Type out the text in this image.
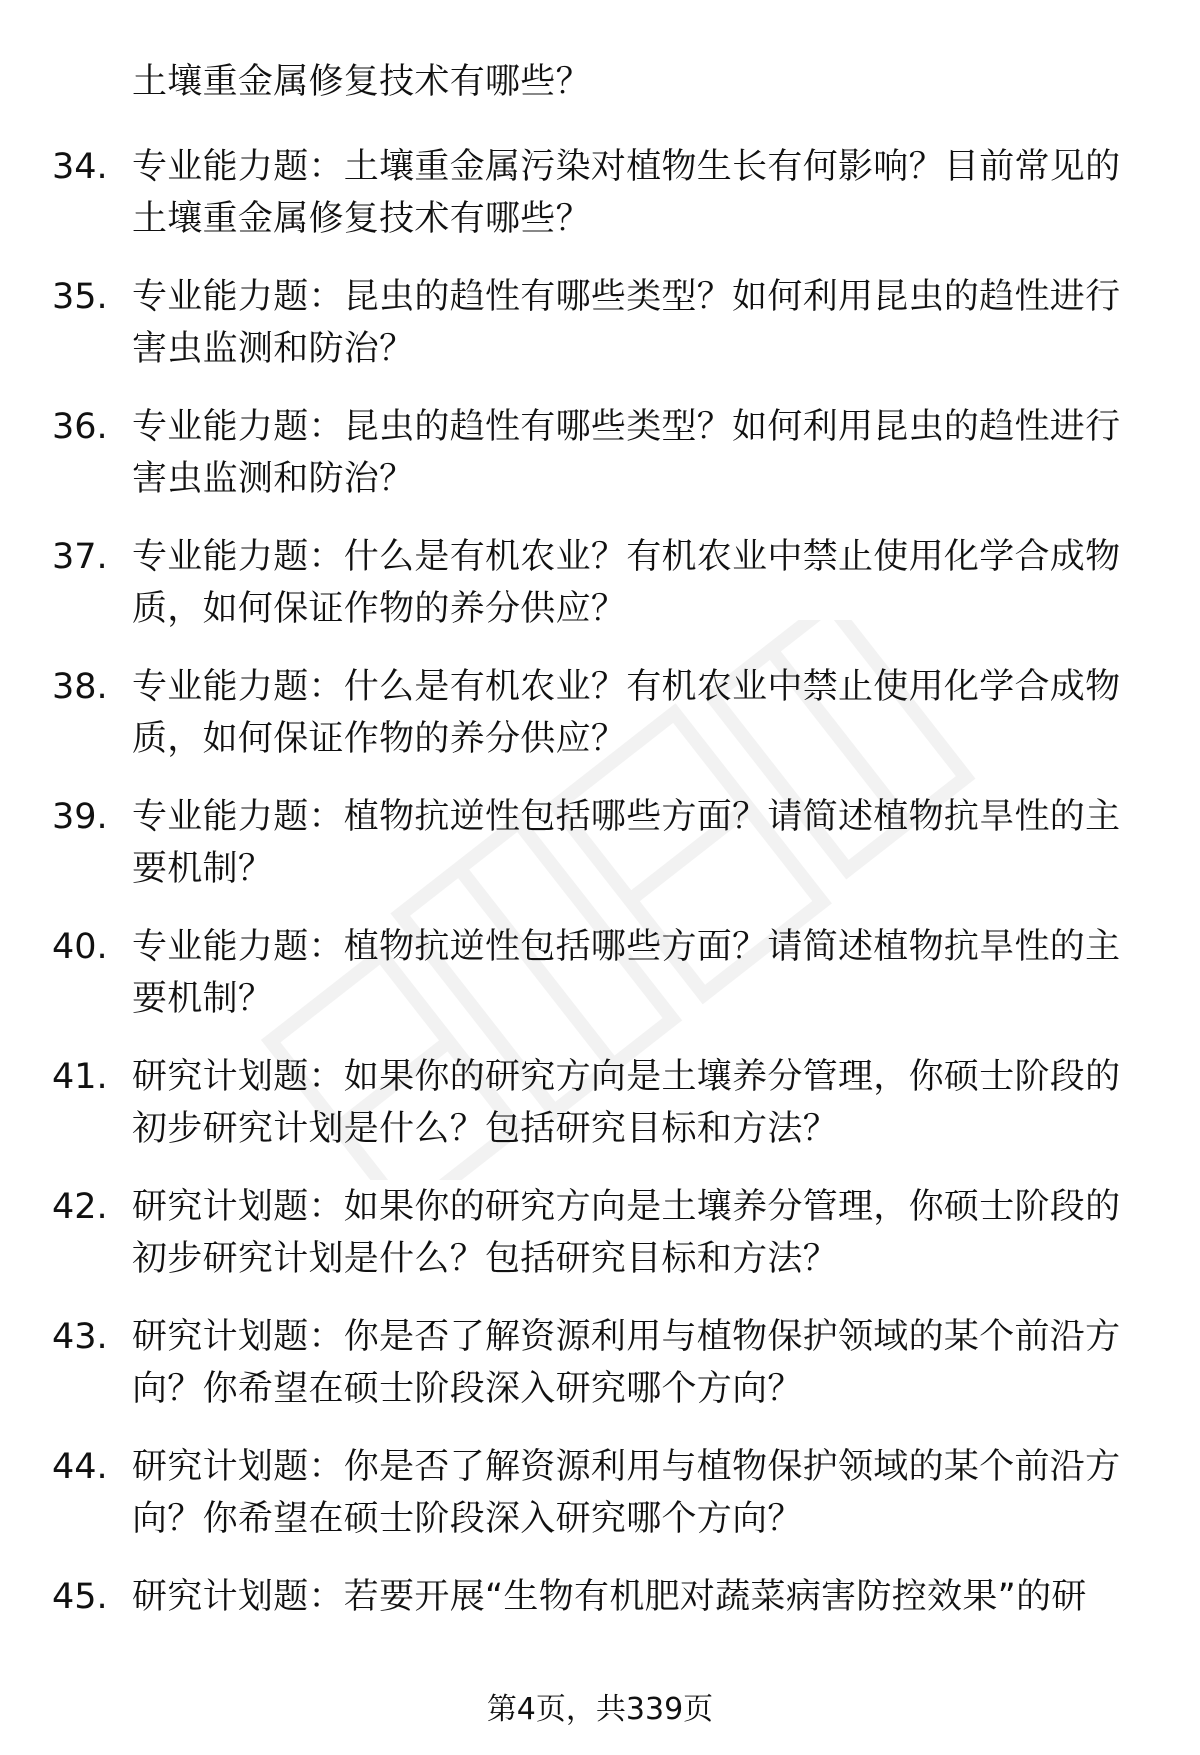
土壤重金属修复技术有哪些？
34. 专业能力题：土壤重金属污染对植物生长有何影响？目前常见的土壤重金属修复技术有哪些？
35. 专业能力题：昆虫的趋性有哪些类型？如何利用昆虫的趋性进行害虫监测和防治？
36. 专业能力题：昆虫的趋性有哪些类型？如何利用昆虫的趋性进行害虫监测和防治？
37. 专业能力题：什么是有机农业？有机农业中禁止使用化学合成物质，如何保证作物的养分供应？
38. 专业能力题：什么是有机农业？有机农业中禁止使用化学合成物质，如何保证作物的养分供应？
39. 专业能力题：植物抗逆性包括哪些方面？请简述植物抗旱性的主要机制？
40. 专业能力题：植物抗逆性包括哪些方面？请简述植物抗旱性的主要机制？
41. 研究计划题：如果你的研究方向是土壤养分管理，你硕士阶段的初步研究计划是什么？包括研究目标和方法？
42. 研究计划题：如果你的研究方向是土壤养分管理，你硕士阶段的初步研究计划是什么？包括研究目标和方法？
43. 研究计划题：你是否了解资源利用与植物保护领域的某个前沿方向？你希望在硕士阶段深入研究哪个方向？
44. 研究计划题：你是否了解资源利用与植物保护领域的某个前沿方向？你希望在硕士阶段深入研究哪个方向？
45. 研究计划题：若要开展“生物有机肥对蔬菜病害防控效果”的研
第4页，共339页
